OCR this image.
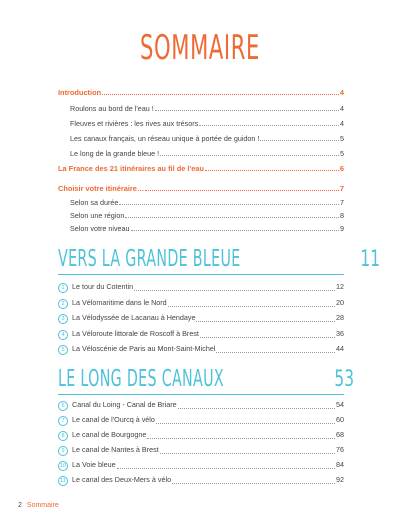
SOMMAIRE
Introduction	4
Roulons au bord de l'eau !	4
Fleuves et rivières : les rives aux trésors	4
Les canaux français, un réseau unique à portée de guidon !	5
Le long de la grande bleue !	5
La France des 21 itinéraires au fil de l'eau	6
Choisir votre itinéraire…	7
Selon sa durée	7
Selon une région	8
Selon votre niveau	9
VERS LA GRANDE BLEUE	11
1 Le tour du Cotentin	12
2 La Vélomaritime dans le Nord	20
3 La Vélodyssée de Lacanau à Hendaye	28
4 La Véloroute littorale de Roscoff à Brest	36
5 La Véloscénie de Paris au Mont-Saint-Michel	44
LE LONG DES CANAUX	53
6 Canal du Loing - Canal de Briare	54
7 Le canal de l'Ourcq à vélo	60
8 Le canal de Bourgogne	68
9 Le canal de Nantes à Brest	76
10 La Voie bleue	84
11 Le canal des Deux-Mers à vélo	92
2 Sommaire
